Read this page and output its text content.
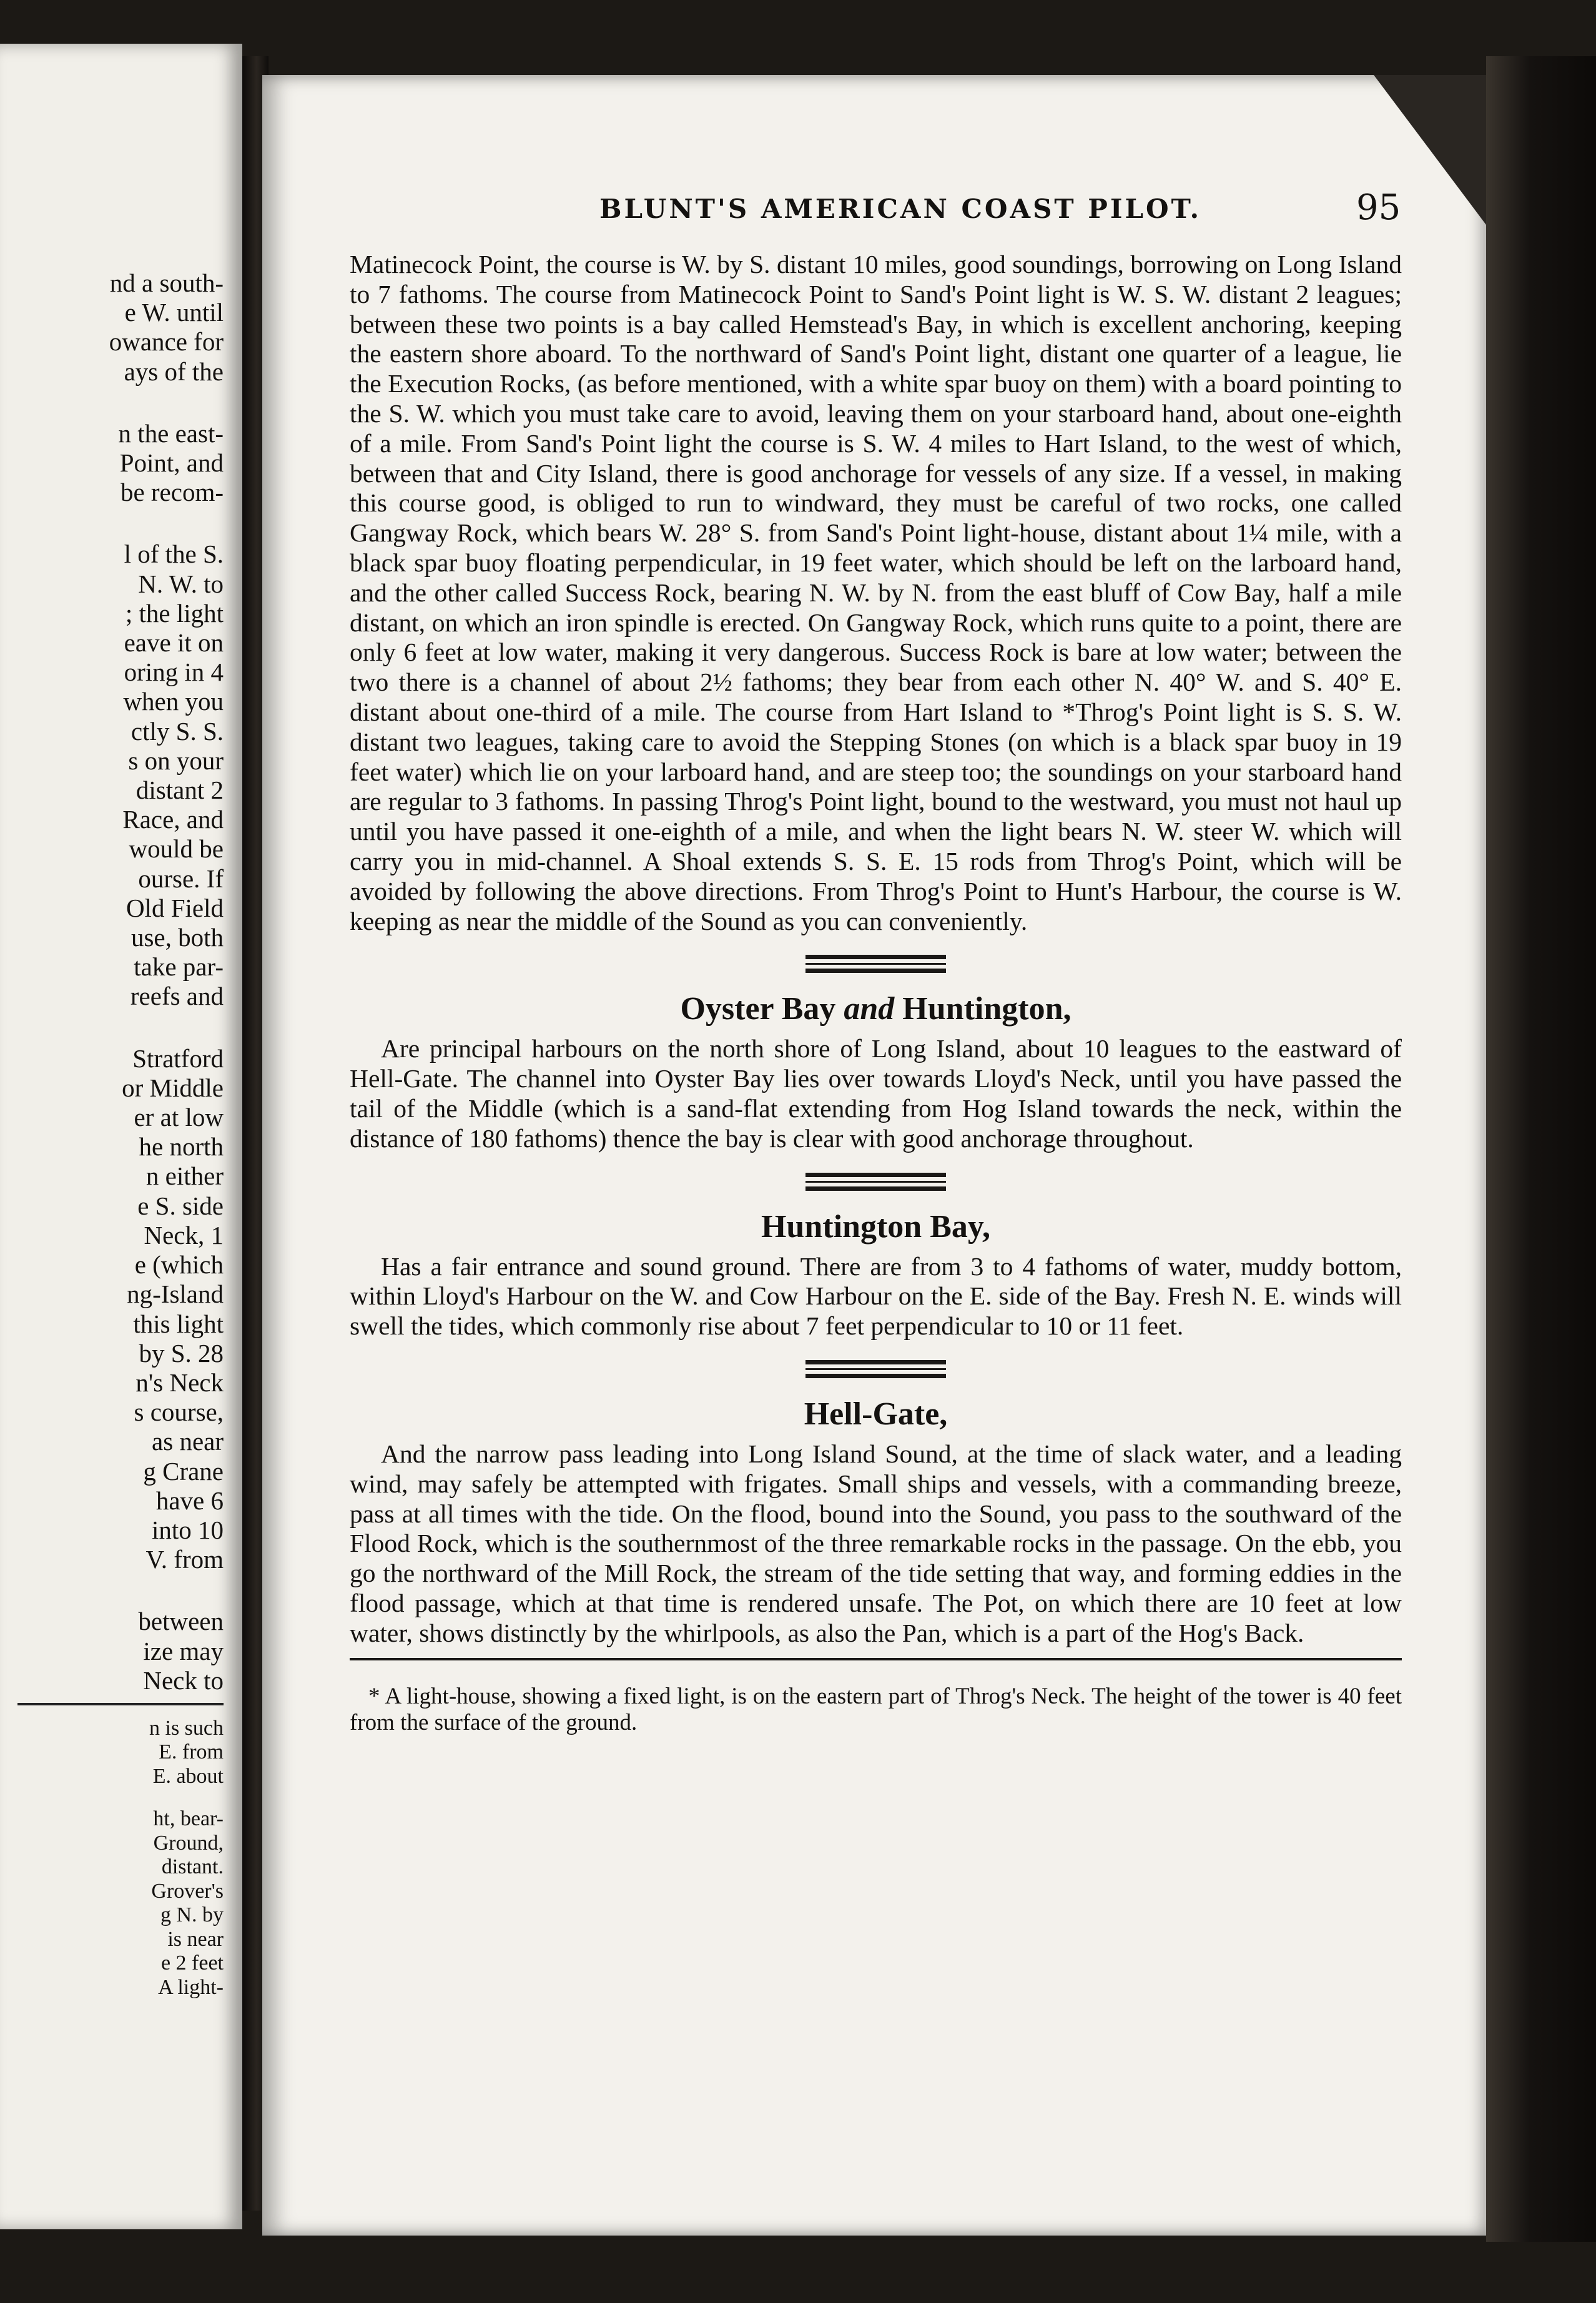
nd a south-
e W. until
owance for
ays of the
n the east-
Point, and
be recom-
l of the S.
N. W. to
; the light
eave it on
oring in 4
when you
ctly S. S.
s on your
distant 2
Race, and
would be
ourse. If
Old Field
use, both
take par-
reefs and
Stratford
or Middle
er at low
he north
n either
e S. side
Neck, 1
e (which
ng-Island
this light
by S. 28
n's Neck
s course,
as near
g Crane
have 6
into 10
V. from
between
ize may
Neck to
n is such
E. from
E. about
ht, bear-
Ground,
distant.
Grover's
g N. by
is near
e 2 feet
A light-
BLUNT'S AMERICAN COAST PILOT.	95

Matinecock Point, the course is W. by S. distant 10 miles, good soundings, borrowing on Long Island to 7 fathoms. The course from Matinecock Point to Sand's Point light is W. S. W. distant 2 leagues; between these two points is a bay called Hemstead's Bay, in which is excellent anchoring, keeping the eastern shore aboard. To the northward of Sand's Point light, distant one quarter of a league, lie the Execution Rocks, (as before mentioned, with a white spar buoy on them) with a board pointing to the S. W. which you must take care to avoid, leaving them on your starboard hand, about one-eighth of a mile. From Sand's Point light the course is S. W. 4 miles to Hart Island, to the west of which, between that and City Island, there is good anchorage for vessels of any size. If a vessel, in making this course good, is obliged to run to windward, they must be careful of two rocks, one called Gangway Rock, which bears W. 28° S. from Sand's Point light-house, distant about 1¼ mile, with a black spar buoy floating perpendicular, in 19 feet water, which should be left on the larboard hand, and the other called Success Rock, bearing N. W. by N. from the east bluff of Cow Bay, half a mile distant, on which an iron spindle is erected. On Gangway Rock, which runs quite to a point, there are only 6 feet at low water, making it very dangerous. Success Rock is bare at low water; between the two there is a channel of about 2½ fathoms; they bear from each other N. 40° W. and S. 40° E. distant about one-third of a mile. The course from Hart Island to *Throg's Point light is S. S. W. distant two leagues, taking care to avoid the Stepping Stones (on which is a black spar buoy in 19 feet water) which lie on your larboard hand, and are steep too; the soundings on your starboard hand are regular to 3 fathoms. In passing Throg's Point light, bound to the westward, you must not haul up until you have passed it one-eighth of a mile, and when the light bears N. W. steer W. which will carry you in mid-channel. A Shoal extends S. S. E. 15 rods from Throg's Point, which will be avoided by following the above directions. From Throg's Point to Hunt's Harbour, the course is W. keeping as near the middle of the Sound as you can conveniently.

Oyster Bay and Huntington,

Are principal harbours on the north shore of Long Island, about 10 leagues to the eastward of Hell-Gate. The channel into Oyster Bay lies over towards Lloyd's Neck, until you have passed the tail of the Middle (which is a sand-flat extending from Hog Island towards the neck, within the distance of 180 fathoms) thence the bay is clear with good anchorage throughout.

Huntington Bay,

Has a fair entrance and sound ground. There are from 3 to 4 fathoms of water, muddy bottom, within Lloyd's Harbour on the W. and Cow Harbour on the E. side of the Bay. Fresh N. E. winds will swell the tides, which commonly rise about 7 feet perpendicular to 10 or 11 feet.

Hell-Gate,

And the narrow pass leading into Long Island Sound, at the time of slack water, and a leading wind, may safely be attempted with frigates. Small ships and vessels, with a commanding breeze, pass at all times with the tide. On the flood, bound into the Sound, you pass to the southward of the Flood Rock, which is the southernmost of the three remarkable rocks in the passage. On the ebb, you go the northward of the Mill Rock, the stream of the tide setting that way, and forming eddies in the flood passage, which at that time is rendered unsafe. The Pot, on which there are 10 feet at low water, shows distinctly by the whirlpools, as also the Pan, which is a part of the Hog's Back.

* A light-house, showing a fixed light, is on the eastern part of Throg's Neck. The height of the tower is 40 feet from the surface of the ground.
